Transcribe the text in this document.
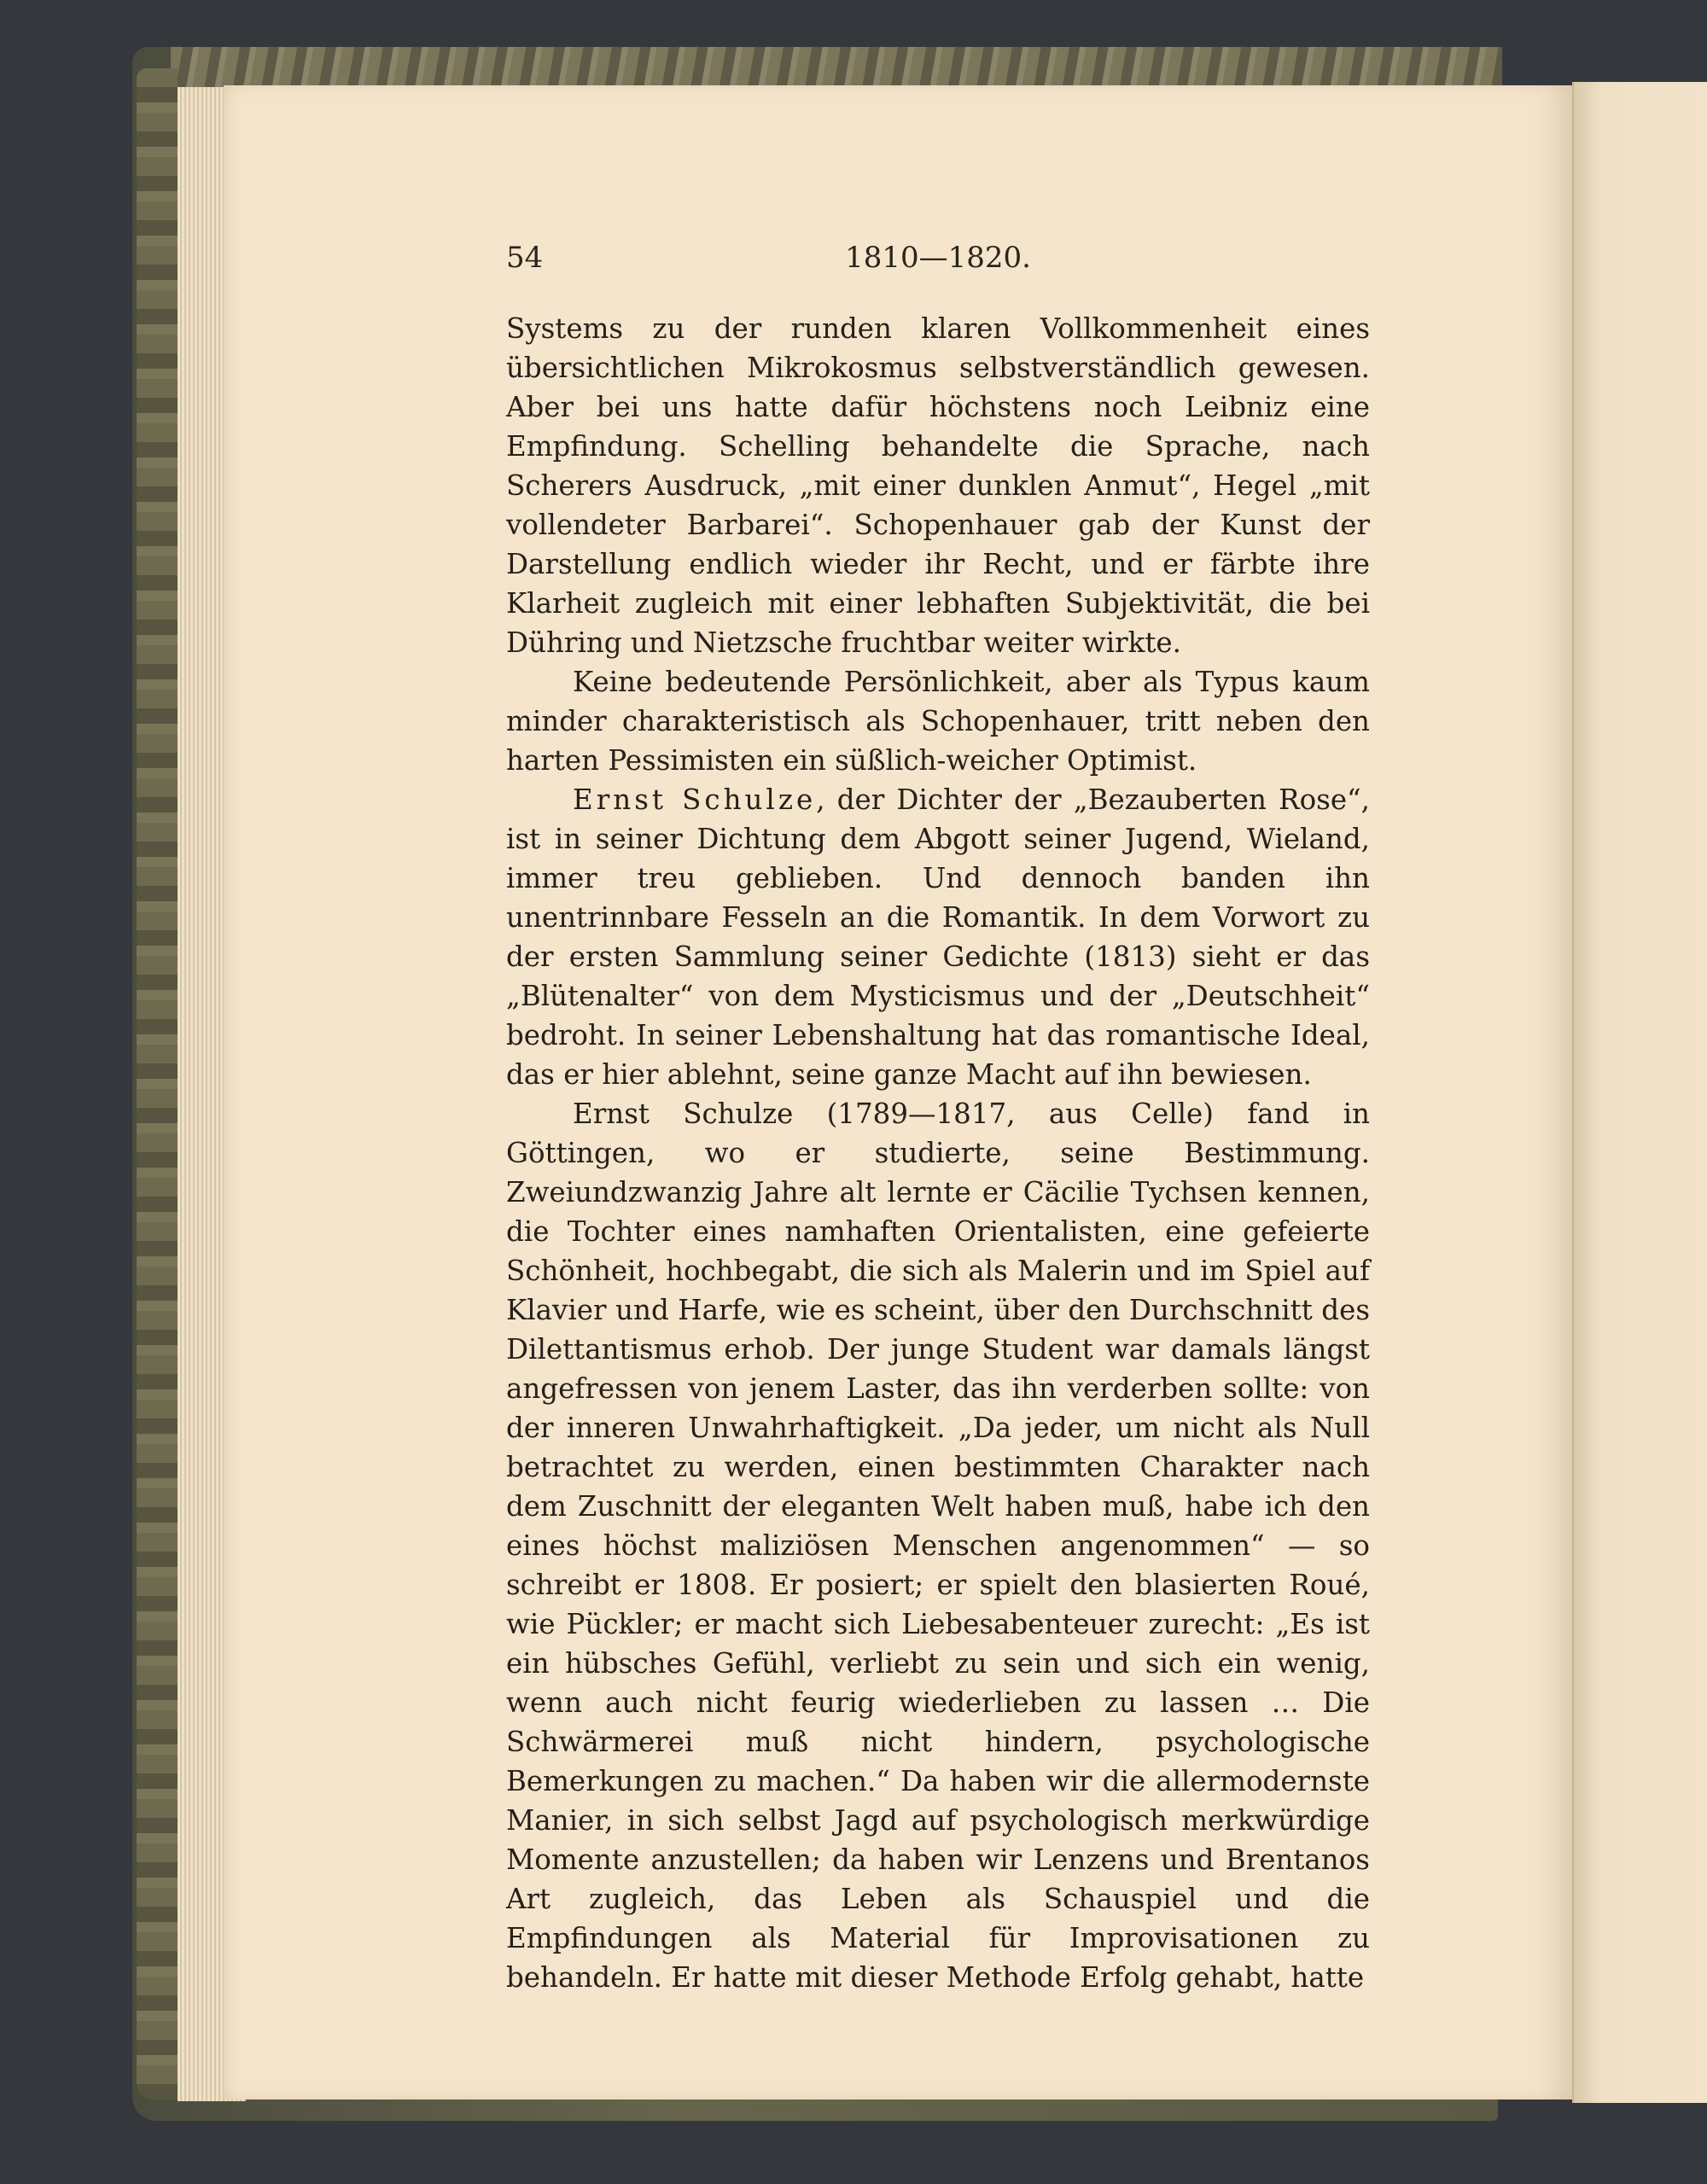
54	1810—1820.

Systems zu der runden klaren Vollkommenheit eines übersichtlichen Mikrokosmus selbstverständlich gewesen. Aber bei uns hatte dafür höchstens noch Leibniz eine Empfindung. Schelling behandelte die Sprache, nach Scherers Ausdruck, „mit einer dunklen Anmut“, Hegel „mit vollendeter Barbarei“. Schopenhauer gab der Kunst der Darstellung endlich wieder ihr Recht, und er färbte ihre Klarheit zugleich mit einer lebhaften Subjektivität, die bei Dühring und Nietzsche fruchtbar weiter wirkte.

Keine bedeutende Persönlichkeit, aber als Typus kaum minder charakteristisch als Schopenhauer, tritt neben den harten Pessimisten ein süßlich-weicher Optimist.

Ernst Schulze, der Dichter der „Bezauberten Rose“, ist in seiner Dichtung dem Abgott seiner Jugend, Wieland, immer treu geblieben. Und dennoch banden ihn unentrinnbare Fesseln an die Romantik. In dem Vorwort zu der ersten Sammlung seiner Gedichte (1813) sieht er das „Blütenalter“ von dem Mysticismus und der „Deutschheit“ bedroht. In seiner Lebenshaltung hat das romantische Ideal, das er hier ablehnt, seine ganze Macht auf ihn bewiesen.

Ernst Schulze (1789—1817, aus Celle) fand in Göttingen, wo er studierte, seine Bestimmung. Zweiundzwanzig Jahre alt lernte er Cäcilie Tychsen kennen, die Tochter eines namhaften Orientalisten, eine gefeierte Schönheit, hochbegabt, die sich als Malerin und im Spiel auf Klavier und Harfe, wie es scheint, über den Durchschnitt des Dilettantismus erhob. Der junge Student war damals längst angefressen von jenem Laster, das ihn verderben sollte: von der inneren Unwahrhaftigkeit. „Da jeder, um nicht als Null betrachtet zu werden, einen bestimmten Charakter nach dem Zuschnitt der eleganten Welt haben muß, habe ich den eines höchst maliziösen Menschen angenommen“ — so schreibt er 1808. Er posiert; er spielt den blasierten Roué, wie Pückler; er macht sich Liebesabenteuer zurecht: „Es ist ein hübsches Gefühl, verliebt zu sein und sich ein wenig, wenn auch nicht feurig wiederlieben zu lassen … Die Schwärmerei muß nicht hindern, psychologische Bemerkungen zu machen.“ Da haben wir die allermodernste Manier, in sich selbst Jagd auf psychologisch merkwürdige Momente anzustellen; da haben wir Lenzens und Brentanos Art zugleich, das Leben als Schauspiel und die Empfindungen als Material für Improvisationen zu behandeln. Er hatte mit dieser Methode Erfolg gehabt, hatte
